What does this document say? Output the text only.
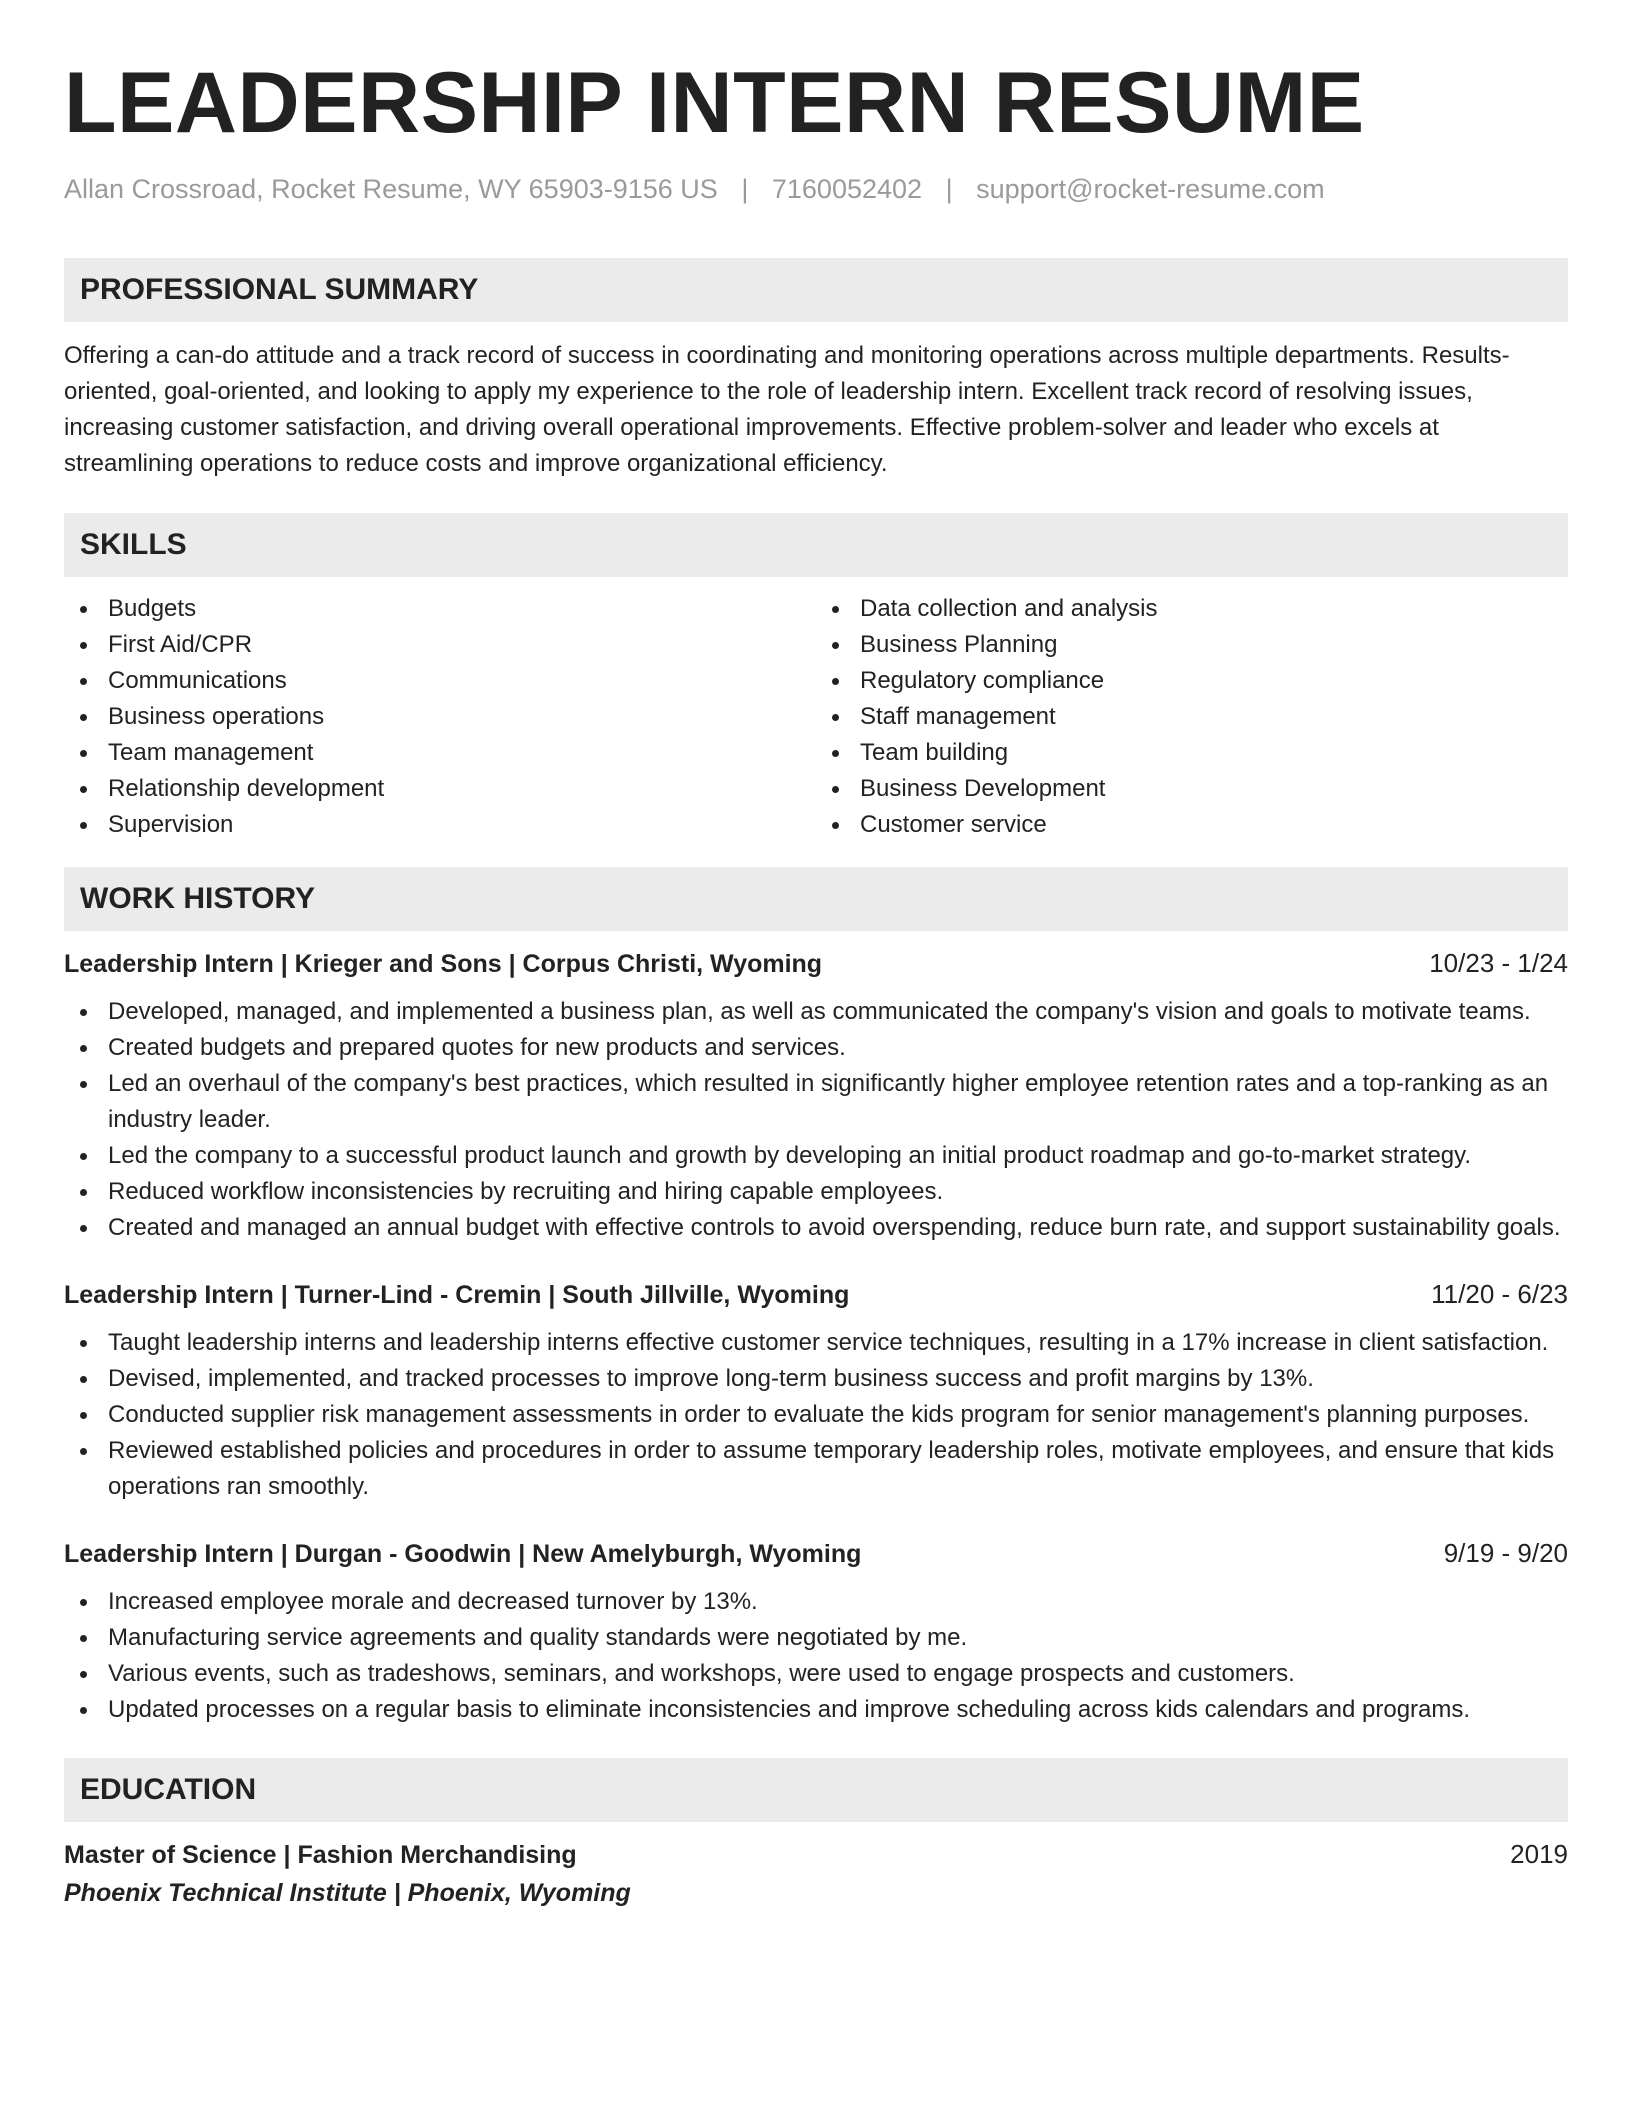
LEADERSHIP INTERN RESUME
Allan Crossroad, Rocket Resume, WY 65903-9156 US | 7160052402 | support@rocket-resume.com
PROFESSIONAL SUMMARY

Offering a can-do attitude and a track record of success in coordinating and monitoring operations across multiple departments. Results-oriented, goal-oriented, and looking to apply my experience to the role of leadership intern. Excellent track record of resolving issues, increasing customer satisfaction, and driving overall operational improvements. Effective problem-solver and leader who excels at streamlining operations to reduce costs and improve organizational efficiency.

SKILLS
Budgets
First Aid/CPR
Communications
Business operations
Team management
Relationship development
Supervision
Data collection and analysis
Business Planning
Regulatory compliance
Staff management
Team building
Business Development
Customer service
WORK HISTORY
Leadership Intern | Krieger and Sons | Corpus Christi, Wyoming	10/23 - 1/24
Developed, managed, and implemented a business plan, as well as communicated the company's vision and goals to motivate teams.
Created budgets and prepared quotes for new products and services.
Led an overhaul of the company's best practices, which resulted in significantly higher employee retention rates and a top-ranking as an industry leader.
Led the company to a successful product launch and growth by developing an initial product roadmap and go-to-market strategy.
Reduced workflow inconsistencies by recruiting and hiring capable employees.
Created and managed an annual budget with effective controls to avoid overspending, reduce burn rate, and support sustainability goals.
Leadership Intern | Turner-Lind - Cremin | South Jillville, Wyoming	11/20 - 6/23
Taught leadership interns and leadership interns effective customer service techniques, resulting in a 17% increase in client satisfaction.
Devised, implemented, and tracked processes to improve long-term business success and profit margins by 13%.
Conducted supplier risk management assessments in order to evaluate the kids program for senior management's planning purposes.
Reviewed established policies and procedures in order to assume temporary leadership roles, motivate employees, and ensure that kids operations ran smoothly.
Leadership Intern | Durgan - Goodwin | New Amelyburgh, Wyoming	9/19 - 9/20
Increased employee morale and decreased turnover by 13%.
Manufacturing service agreements and quality standards were negotiated by me.
Various events, such as tradeshows, seminars, and workshops, were used to engage prospects and customers.
Updated processes on a regular basis to eliminate inconsistencies and improve scheduling across kids calendars and programs.
EDUCATION
Master of Science | Fashion Merchandising	2019
Phoenix Technical Institute | Phoenix, Wyoming
